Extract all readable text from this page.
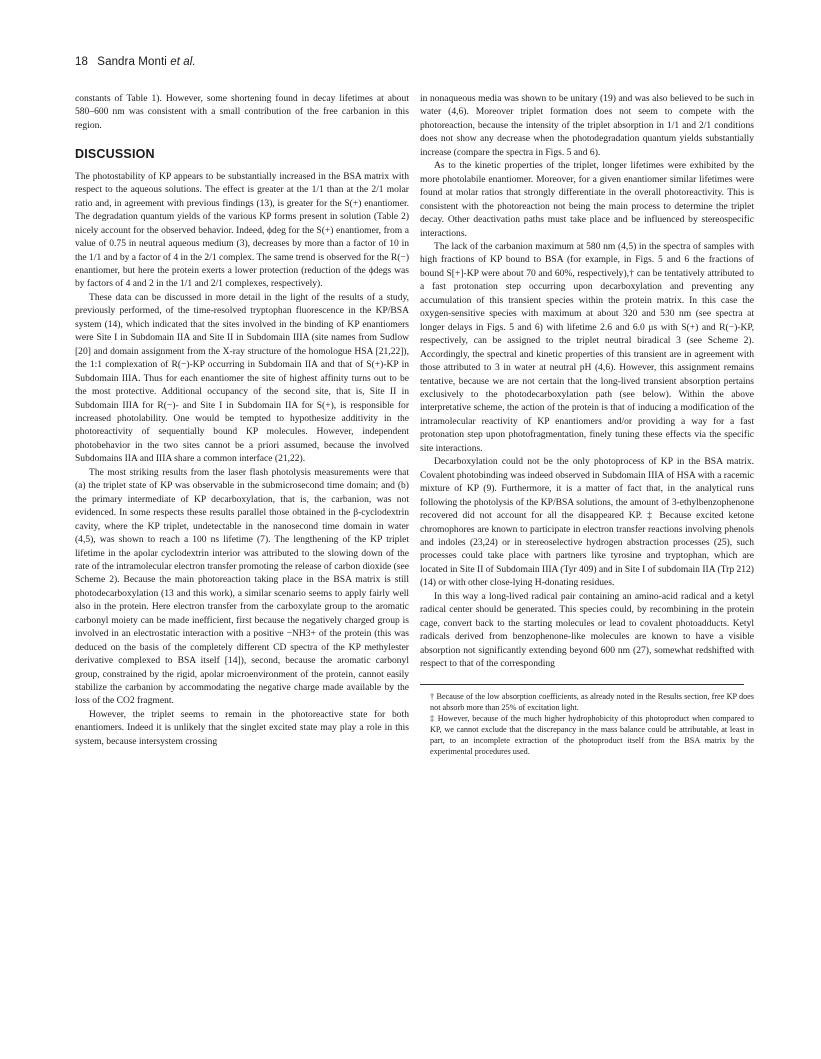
18 Sandra Monti et al.

constants of Table 1). However, some shortening found in decay lifetimes at about 580–600 nm was consistent with a small contribution of the free carbanion in this region.

DISCUSSION

The photostability of KP appears to be substantially increased in the BSA matrix with respect to the aqueous solutions. The effect is greater at the 1/1 than at the 2/1 molar ratio and, in agreement with previous findings (13), is greater for the S(+) enantiomer. The degradation quantum yields of the various KP forms present in solution (Table 2) nicely account for the observed behavior. Indeed, ϕdeg for the S(+) enantiomer, from a value of 0.75 in neutral aqueous medium (3), decreases by more than a factor of 10 in the 1/1 and by a factor of 4 in the 2/1 complex. The same trend is observed for the R(−) enantiomer, but here the protein exerts a lower protection (reduction of the ϕdegs was by factors of 4 and 2 in the 1/1 and 2/1 complexes, respectively).

These data can be discussed in more detail in the light of the results of a study, previously performed, of the time-resolved tryptophan fluorescence in the KP/BSA system (14), which indicated that the sites involved in the binding of KP enantiomers were Site I in Subdomain IIA and Site II in Subdomain IIIA (site names from Sudlow [20] and domain assignment from the X-ray structure of the homologue HSA [21,22]), the 1:1 complexation of R(−)-KP occurring in Subdomain IIA and that of S(+)-KP in Subdomain IIIA. Thus for each enantiomer the site of highest affinity turns out to be the most protective. Additional occupancy of the second site, that is, Site II in Subdomain IIIA for R(−)- and Site I in Subdomain IIA for S(+), is responsible for increased photolability. One would be tempted to hypothesize additivity in the photoreactivity of sequentially bound KP molecules. However, independent photobehavior in the two sites cannot be a priori assumed, because the involved Subdomains IIA and IIIA share a common interface (21,22).

The most striking results from the laser flash photolysis measurements were that (a) the triplet state of KP was observable in the submicrosecond time domain; and (b) the primary intermediate of KP decarboxylation, that is, the carbanion, was not evidenced. In some respects these results parallel those obtained in the β-cyclodextrin cavity, where the KP triplet, undetectable in the nanosecond time domain in water (4,5), was shown to reach a 100 ns lifetime (7). The lengthening of the KP triplet lifetime in the apolar cyclodextrin interior was attributed to the slowing down of the rate of the intramolecular electron transfer promoting the release of carbon dioxide (see Scheme 2). Because the main photoreaction taking place in the BSA matrix is still photodecarboxylation (13 and this work), a similar scenario seems to apply fairly well also in the protein. Here electron transfer from the carboxylate group to the aromatic carbonyl moiety can be made inefficient, first because the negatively charged group is involved in an electrostatic interaction with a positive −NH3+ of the protein (this was deduced on the basis of the completely different CD spectra of the KP methylester derivative complexed to BSA itself [14]), second, because the aromatic carbonyl group, constrained by the rigid, apolar microenvironment of the protein, cannot easily stabilize the carbanion by accommodating the negative charge made available by the loss of the CO2 fragment.

However, the triplet seems to remain in the photoreactive state for both enantiomers. Indeed it is unlikely that the singlet excited state may play a role in this system, because intersystem crossing

in nonaqueous media was shown to be unitary (19) and was also believed to be such in water (4,6). Moreover triplet formation does not seem to compete with the photoreaction, because the intensity of the triplet absorption in 1/1 and 2/1 conditions does not show any decrease when the photodegradation quantum yields substantially increase (compare the spectra in Figs. 5 and 6).

As to the kinetic properties of the triplet, longer lifetimes were exhibited by the more photolabile enantiomer. Moreover, for a given enantiomer similar lifetimes were found at molar ratios that strongly differentiate in the overall photoreactivity. This is consistent with the photoreaction not being the main process to determine the triplet decay. Other deactivation paths must take place and be influenced by stereospecific interactions.

The lack of the carbanion maximum at 580 nm (4,5) in the spectra of samples with high fractions of KP bound to BSA (for example, in Figs. 5 and 6 the fractions of bound S[+]-KP were about 70 and 60%, respectively),† can be tentatively attributed to a fast protonation step occurring upon decarboxylation and preventing any accumulation of this transient species within the protein matrix. In this case the oxygen-sensitive species with maximum at about 320 and 530 nm (see spectra at longer delays in Figs. 5 and 6) with lifetime 2.6 and 6.0 μs with S(+) and R(−)-KP, respectively, can be assigned to the triplet neutral biradical 3 (see Scheme 2). Accordingly, the spectral and kinetic properties of this transient are in agreement with those attributed to 3 in water at neutral pH (4,6). However, this assignment remains tentative, because we are not certain that the long-lived transient absorption pertains exclusively to the photodecarboxylation path (see below). Within the above interpretative scheme, the action of the protein is that of inducing a modification of the intramolecular reactivity of KP enantiomers and/or providing a way for a fast protonation step upon photofragmentation, finely tuning these effects via the specific site interactions.

Decarboxylation could not be the only photoprocess of KP in the BSA matrix. Covalent photobinding was indeed observed in Subdomain IIIA of HSA with a racemic mixture of KP (9). Furthermore, it is a matter of fact that, in the analytical runs following the photolysis of the KP/BSA solutions, the amount of 3-ethylbenzophenone recovered did not account for all the disappeared KP. ‡ Because excited ketone chromophores are known to participate in electron transfer reactions involving phenols and indoles (23,24) or in stereoselective hydrogen abstraction processes (25), such processes could take place with partners like tyrosine and tryptophan, which are located in Site II of Subdomain IIIA (Tyr 409) and in Site I of subdomain IIA (Trp 212) (14) or with other close-lying H-donating residues.

In this way a long-lived radical pair containing an amino-acid radical and a ketyl radical center should be generated. This species could, by recombining in the protein cage, convert back to the starting molecules or lead to covalent photoadducts. Ketyl radicals derived from benzophenone-like molecules are known to have a visible absorption not significantly extending beyond 600 nm (27), somewhat redshifted with respect to that of the corresponding

† Because of the low absorption coefficients, as already noted in the Results section, free KP does not absorb more than 25% of excitation light.

‡ However, because of the much higher hydrophobicity of this photoproduct when compared to KP, we cannot exclude that the discrepancy in the mass balance could be attributable, at least in part, to an incomplete extraction of the photoproduct itself from the BSA matrix by the experimental procedures used.
